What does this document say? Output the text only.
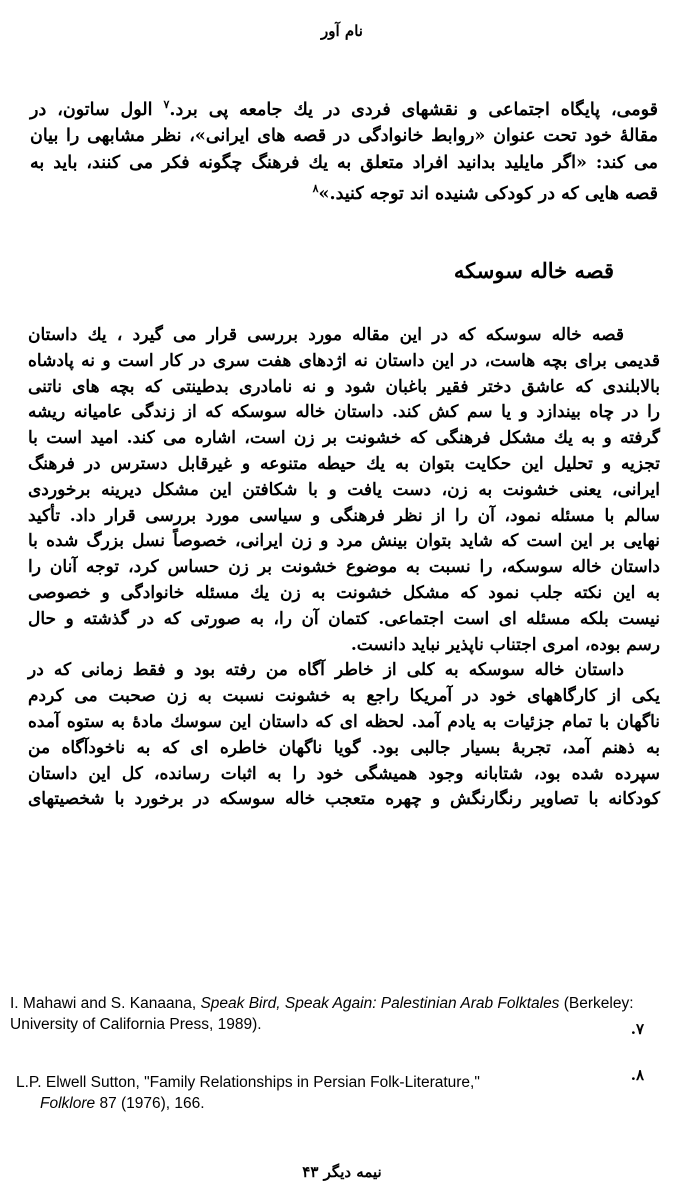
نام آور
قومی، پایگاه اجتماعی و نقشهای فردی در یك جامعه پی برد.$^۷$ الول ساتون، در
مقالهٔ خود تحت عنوان «روابط خانوادگی در قصه های ایرانی»، نظر مشابهی را بیان
می کند: «اگر مایلید بدانید افراد متعلق به یك فرهنگ چگونه فکر می کنند، باید به
قصه هایی که در کودکی شنیده اند توجه کنید.»$^۸$
قصه خاله سوسکه
قصه خاله سوسکه که در این مقاله مورد بررسی قرار می گیرد ، یك داستان
قدیمی برای بچه هاست، در این داستان نه اژدهای هفت سری در کار است و نه پادشاه
بالابلندی که عاشق دختر فقیر باغبان شود و نه نامادری بدطینتی که بچه های ناتنی
را در چاه بیندازد و یا سم کش کند. داستان خاله سوسکه که از زندگی عامیانه ریشه
گرفته و به یك مشکل فرهنگی که خشونت بر زن است، اشاره می کند. امید است با
تجزیه و تحلیل این حکایت بتوان به یك حیطه متنوعه و غیرقابل دسترس در فرهنگ
ایرانی، یعنی خشونت به زن، دست یافت و با شکافتن این مشکل دیرینه برخوردی
سالم با مسئله نمود، آن را از نظر فرهنگی و سیاسی مورد بررسی قرار داد. تأکید
نهایی بر این است که شاید بتوان بینش مرد و زن ایرانی، خصوصاً نسل بزرگ شده با
داستان خاله سوسکه، را نسبت به موضوع خشونت بر زن حساس کرد، توجه آنان را
به این نکته جلب نمود که مشکل خشونت به زن یك مسئله خانوادگی و خصوصی
نیست بلکه مسئله ای است اجتماعی. کتمان آن را، به صورتی که در گذشته و حال
رسم بوده، امری اجتناب ناپذیر نباید دانست.
داستان خاله سوسکه به کلی از خاطر آگاه من رفته بود و فقط زمانی که در
یکی از کارگاههای خود در آمریکا راجع به خشونت نسبت به زن صحبت می کردم
ناگهان با تمام جزئیات به یادم آمد. لحظه ای که داستان این سوسك مادهٔ به ستوه آمده
به ذهنم آمد، تجربهٔ بسیار جالبی بود. گویا ناگهان خاطره ای که به ناخودآگاه من
سپرده شده بود، شتابانه وجود همیشگی خود را به اثبات رسانده، کل این داستان
کودکانه با تصاویر رنگارنگش و چهره متعجب خاله سوسکه در برخورد با شخصیتهای
۷.
I. Mahawi and S. Kanaana, Speak Bird, Speak Again: Palestinian Arab Folktales (Berkeley: University of California Press, 1989).
۸.
L.P. Elwell Sutton, "Family Relationships in Persian Folk-Literature,"
Folklore 87 (1976), 166.
نیمه دیگر ۴۳
